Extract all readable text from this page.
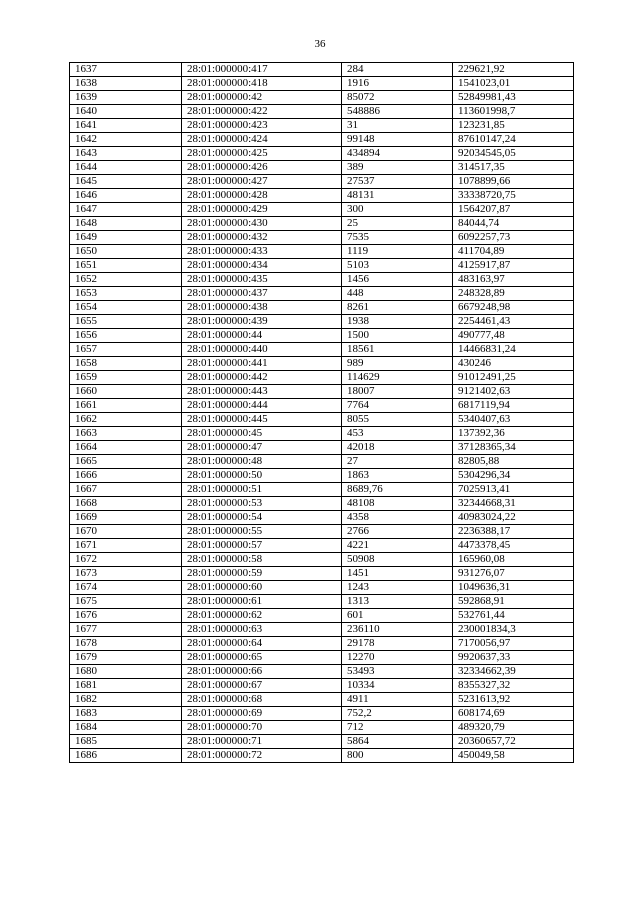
36
1637	28:01:000000:417	284	229621,92
1638	28:01:000000:418	1916	1541023,01
1639	28:01:000000:42	85072	52849981,43
1640	28:01:000000:422	548886	113601998,7
1641	28:01:000000:423	31	123231,85
1642	28:01:000000:424	99148	87610147,24
1643	28:01:000000:425	434894	92034545,05
1644	28:01:000000:426	389	314517,35
1645	28:01:000000:427	27537	1078899,66
1646	28:01:000000:428	48131	33338720,75
1647	28:01:000000:429	300	1564207,87
1648	28:01:000000:430	25	84044,74
1649	28:01:000000:432	7535	6092257,73
1650	28:01:000000:433	1119	411704,89
1651	28:01:000000:434	5103	4125917,87
1652	28:01:000000:435	1456	483163,97
1653	28:01:000000:437	448	248328,89
1654	28:01:000000:438	8261	6679248,98
1655	28:01:000000:439	1938	2254461,43
1656	28:01:000000:44	1500	490777,48
1657	28:01:000000:440	18561	14466831,24
1658	28:01:000000:441	989	430246
1659	28:01:000000:442	114629	91012491,25
1660	28:01:000000:443	18007	9121402,63
1661	28:01:000000:444	7764	6817119,94
1662	28:01:000000:445	8055	5340407,63
1663	28:01:000000:45	453	137392,36
1664	28:01:000000:47	42018	37128365,34
1665	28:01:000000:48	27	82805,88
1666	28:01:000000:50	1863	5304296,34
1667	28:01:000000:51	8689,76	7025913,41
1668	28:01:000000:53	48108	32344668,31
1669	28:01:000000:54	4358	40983024,22
1670	28:01:000000:55	2766	2236388,17
1671	28:01:000000:57	4221	4473378,45
1672	28:01:000000:58	50908	165960,08
1673	28:01:000000:59	1451	931276,07
1674	28:01:000000:60	1243	1049636,31
1675	28:01:000000:61	1313	592868,91
1676	28:01:000000:62	601	532761,44
1677	28:01:000000:63	236110	230001834,3
1678	28:01:000000:64	29178	7170056,97
1679	28:01:000000:65	12270	9920637,33
1680	28:01:000000:66	53493	32334662,39
1681	28:01:000000:67	10334	8355327,32
1682	28:01:000000:68	4911	5231613,92
1683	28:01:000000:69	752,2	608174,69
1684	28:01:000000:70	712	489320,79
1685	28:01:000000:71	5864	20360657,72
1686	28:01:000000:72	800	450049,58
